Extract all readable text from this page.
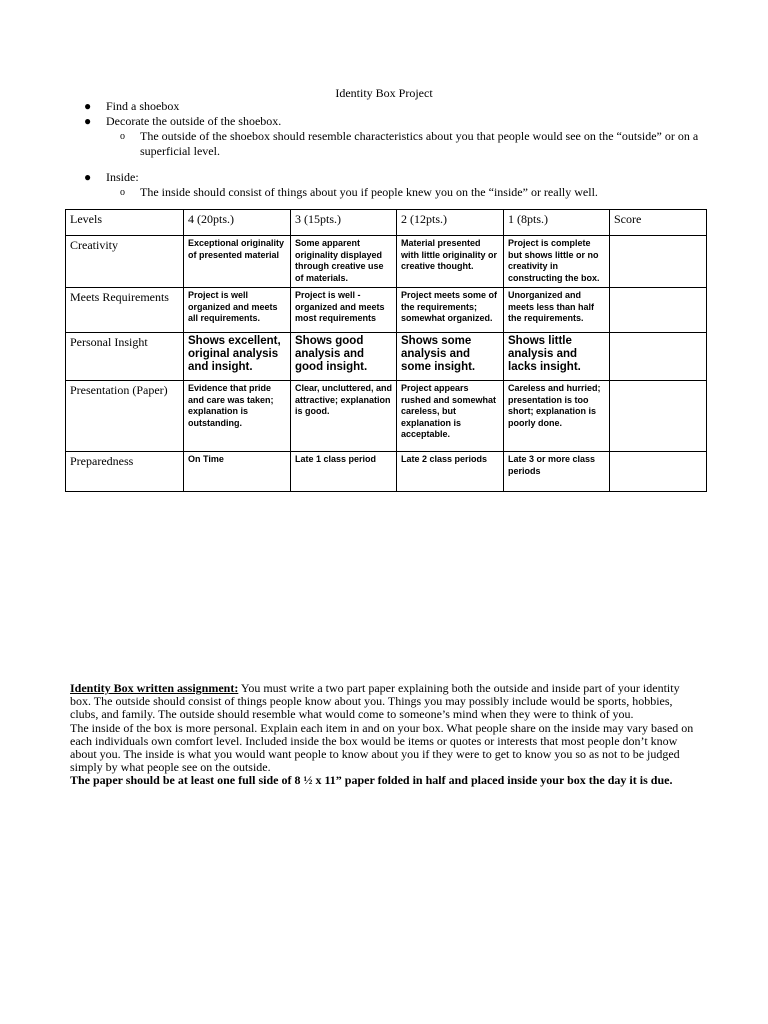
Identity Box Project
● Find a shoebox
● Decorate the outside of the shoebox.
o The outside of the shoebox should resemble characteristics about you that people would see on the “outside” or on a superficial level.
● Inside:
o The inside should consist of things about you if people knew you on the “inside” or really well.
Levels	4 (20pts.)	3 (15pts.)	2 (12pts.)	1 (8pts.)	Score
Creativity	Exceptional originality of presented material	Some apparent originality displayed through creative use of materials.	Material presented with little originality or creative thought.	Project is complete but shows little or no creativity in constructing the box.	
Meets Requirements	Project is well organized and meets all requirements.	Project is well - organized and meets most requirements	Project meets some of the requirements; somewhat organized.	Unorganized and meets less than half the requirements.	
Personal Insight	Shows excellent, original analysis and insight.	Shows good analysis and good insight.	Shows some analysis and some insight.	Shows little analysis and lacks insight.	
Presentation (Paper)	Evidence that pride and care was taken; explanation is outstanding.	Clear, uncluttered, and attractive; explanation is good.	Project appears rushed and somewhat careless, but explanation is acceptable.	Careless and hurried; presentation is too short; explanation is poorly done.	
Preparedness	On Time	Late 1 class period	Late 2 class periods	Late 3 or more class periods	
Identity Box written assignment: You must write a two part paper explaining both the outside and inside part of your identity box. The outside should consist of things people know about you. Things you may possibly include would be sports, hobbies, clubs, and family. The outside should resemble what would come to someone’s mind when they were to think of you.
The inside of the box is more personal. Explain each item in and on your box. What people share on the inside may vary based on each individuals own comfort level. Included inside the box would be items or quotes or interests that most people don’t know about you. The inside is what you would want people to know about you if they were to get to know you so as not to be judged simply by what people see on the outside.
The paper should be at least one full side of 8 ½ x 11” paper folded in half and placed inside your box the day it is due.
